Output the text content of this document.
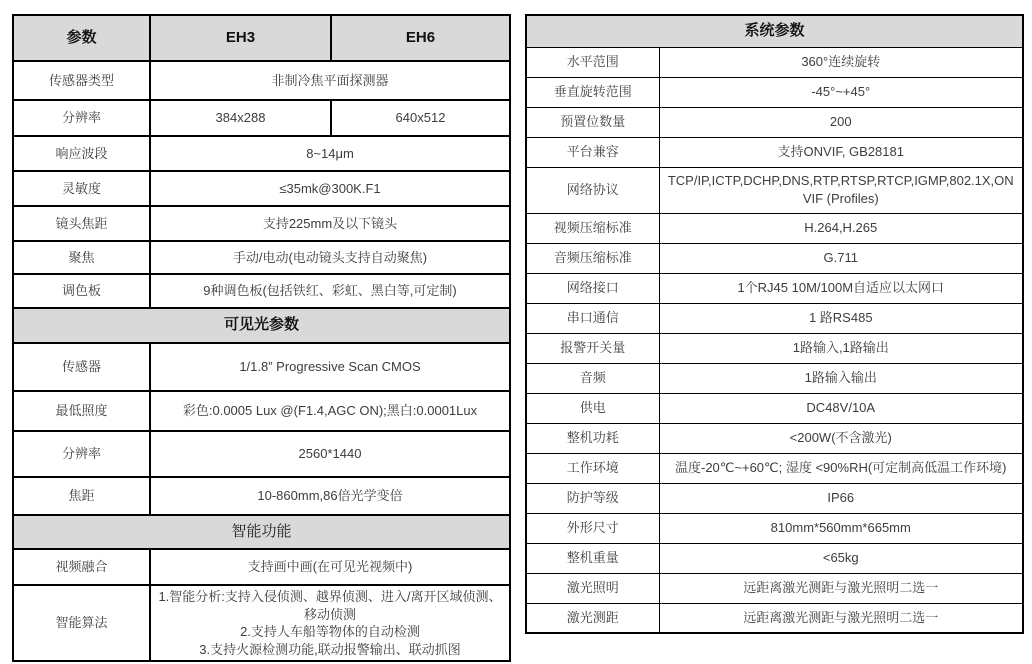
参数	EH3	EH6
传感器类型	非制冷焦平面探测器	
分辨率	384x288	640x512
响应波段	8~14μm	
灵敏度	≤35mk@300K.F1	
镜头焦距	支持225mm及以下镜头	
聚焦	手动/电动(电动镜头支持自动聚焦)	
调色板	9种调色板(包括铁红、彩虹、黑白等,可定制)	
可见光参数		
传感器	1/1.8” Progressive Scan CMOS	
最低照度	彩色:0.0005 Lux @(F1.4,AGC ON);黑白:0.0001Lux	
分辨率	2560*1440	
焦距	10-860mm,86倍光学变倍	
智能功能		
视频融合	支持画中画(在可见光视频中)	
智能算法	1.智能分析:支持入侵侦测、越界侦测、进入/离开区域侦测、移动侦测
2.支持人车船等物体的自动检测
3.支持火源检测功能,联动报警输出、联动抓图	
系统参数	
水平范围	360°连续旋转
垂直旋转范围	-45°~+45°
预置位数量	200
平台兼容	支持ONVIF, GB28181
网络协议	TCP/IP,ICTP,DCHP,DNS,RTP,RTSP,RTCP,IGMP,802.1X,ONVIF (Profiles)
视频压缩标准	H.264,H.265
音频压缩标准	G.711
网络接口	1个RJ45 10M/100M自适应以太网口
串口通信	1 路RS485
报警开关量	1路输入,1路输出
音频	1路输入输出
供电	DC48V/10A
整机功耗	<200W(不含激光)
工作环境	温度-20℃~+60℃; 湿度 <90%RH(可定制高低温工作环境)
防护等级	IP66
外形尺寸	810mm*560mm*665mm
整机重量	<65kg
激光照明	远距离激光测距与激光照明二选一
激光测距	远距离激光测距与激光照明二选一
